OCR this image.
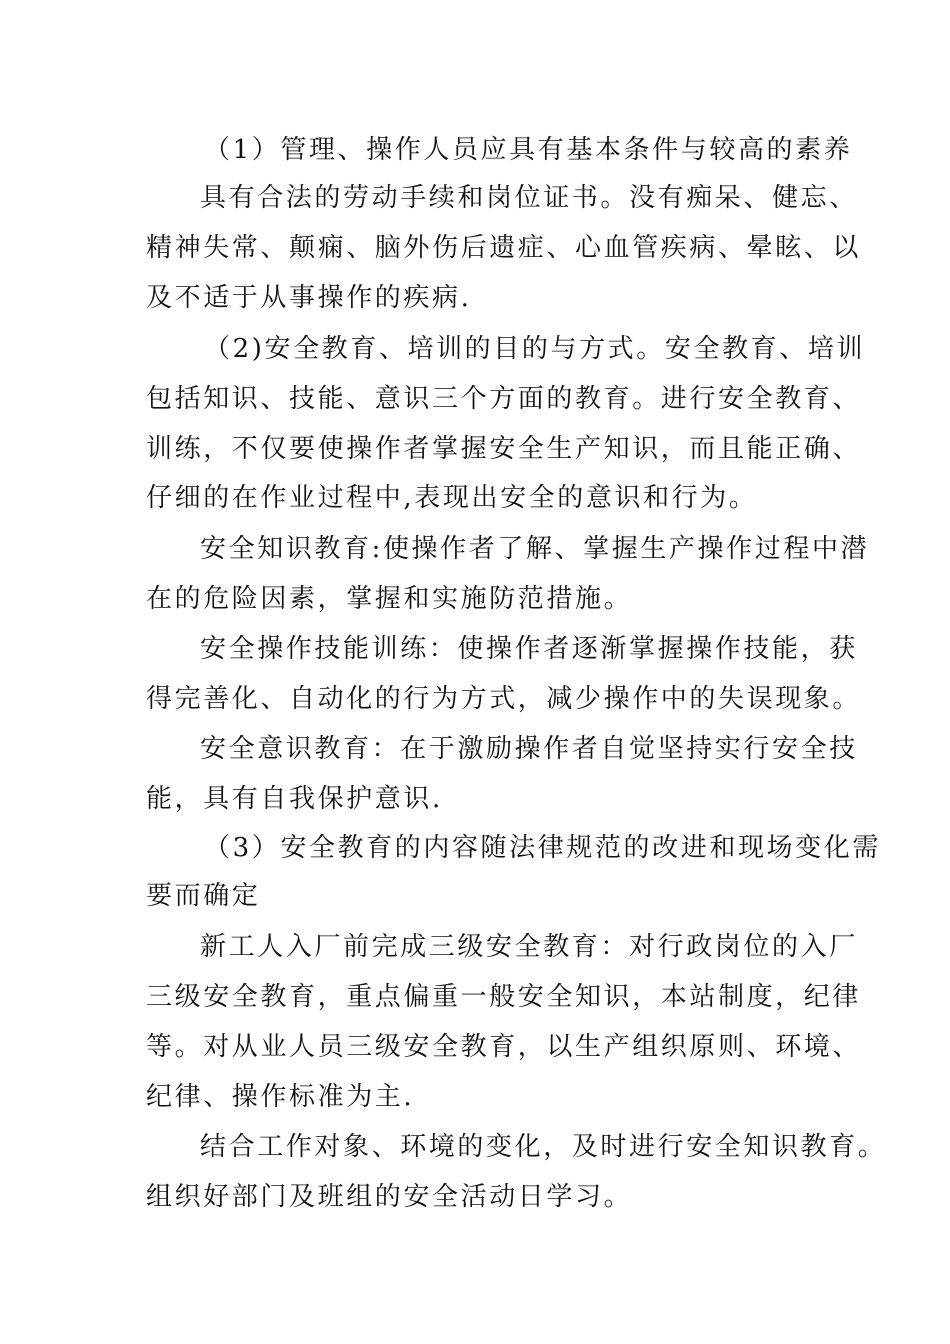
（1）管理、操作人员应具有基本条件与较高的素养
具有合法的劳动手续和岗位证书。没有痴呆、健忘、
精神失常、颠痫、脑外伤后遗症、心血管疾病、晕眩、以
及不适于从事操作的疾病.
（2)安全教育、培训的目的与方式。安全教育、培训
包括知识、技能、意识三个方面的教育。进行安全教育、
训练，不仅要使操作者掌握安全生产知识，而且能正确、
仔细的在作业过程中,表现出安全的意识和行为。
安全知识教育:使操作者了解、掌握生产操作过程中潜
在的危险因素，掌握和实施防范措施。
安全操作技能训练：使操作者逐渐掌握操作技能，获
得完善化、自动化的行为方式，减少操作中的失误现象。
安全意识教育：在于激励操作者自觉坚持实行安全技
能，具有自我保护意识.
（3）安全教育的内容随法律规范的改进和现场变化需
要而确定
新工人入厂前完成三级安全教育：对行政岗位的入厂
三级安全教育，重点偏重一般安全知识，本站制度，纪律
等。对从业人员三级安全教育，以生产组织原则、环境、
纪律、操作标准为主.
结合工作对象、环境的变化，及时进行安全知识教育。
组织好部门及班组的安全活动日学习。
